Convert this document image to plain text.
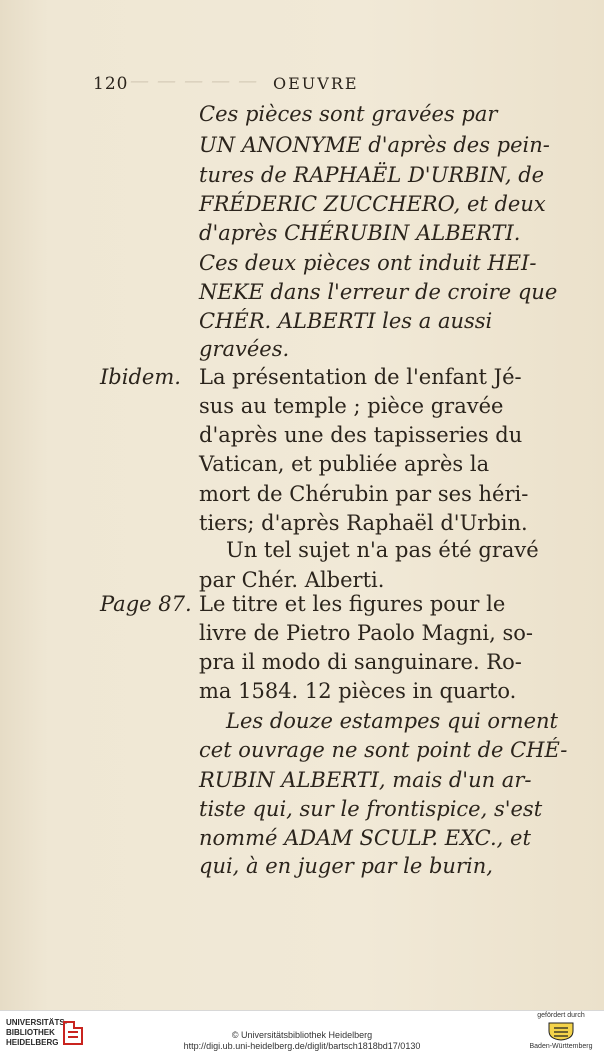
— — — — —
120	OEUVRE
Ces pièces sont gravées par
UN ANONYME d'après des pein-
tures de RAPHAËL D'URBIN, de
FRÉDERIC ZUCCHERO, et deux
d'après CHÉRUBIN ALBERTI.
Ces deux pièces ont induit HEI-
NEKE dans l'erreur de croire que
CHÉR. ALBERTI les a aussi
gravées.
La présentation de l'enfant Jé-
sus au temple ; pièce gravée
d'après une des tapisseries du
Vatican, et publiée après la
mort de Chérubin par ses héri-
tiers; d'après Raphaël d'Urbin.
Un tel sujet n'a pas été gravé
par Chér. Alberti.
Le titre et les figures pour le
livre de Pietro Paolo Magni, so-
pra il modo di sanguinare. Ro-
ma 1584. 12 pièces in quarto.
Les douze estampes qui ornent
cet ouvrage ne sont point de CHÉ-
RUBIN ALBERTI, mais d'un ar-
tiste qui, sur le frontispice, s'est
nommé ADAM SCULP. EXC., et
qui, à en juger par le burin,
Ibidem.
Page 87.
UNIVERSITÄTS-
BIBLIOTHEK
HEIDELBERG
© Universitätsbibliothek Heidelberg
http://digi.ub.uni-heidelberg.de/diglit/bartsch1818bd17/0130
gefördert durch
Baden-Württemberg
